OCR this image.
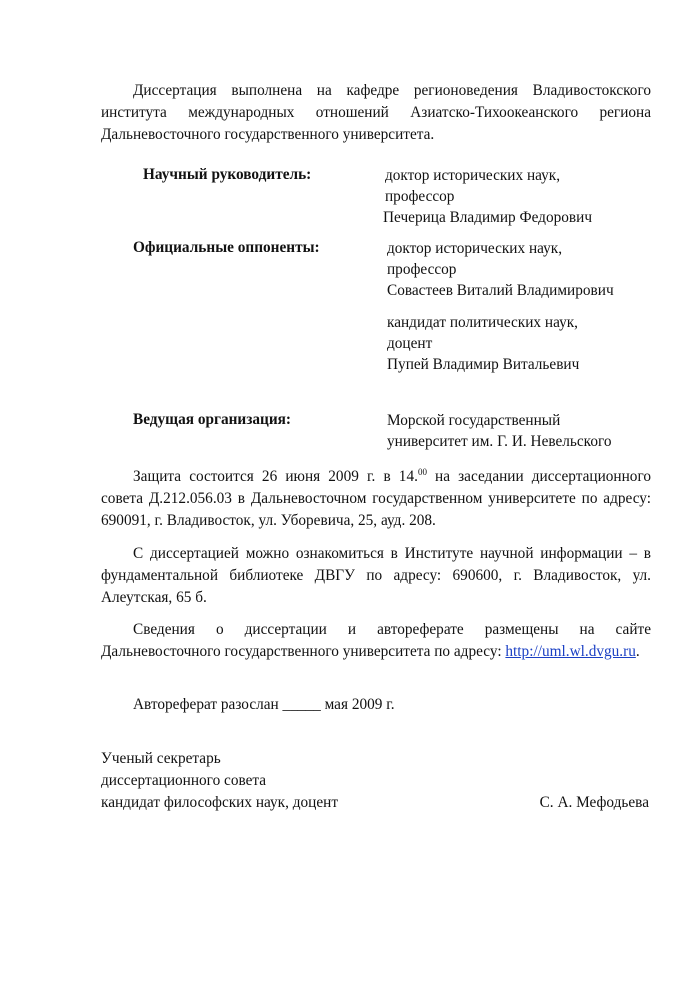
Диссертация выполнена на кафедре регионоведения Владивостокского института международных отношений Азиатско-Тихоокеанского региона Дальневосточного государственного университета.

Научный руководитель:	доктор исторических наук,
профессор
Печерица Владимир Федорович
Официальные оппоненты:	доктор исторических наук,
профессор
Совастеев Виталий Владимирович
кандидат политических наук,
доцент
Пупей Владимир Витальевич
Ведущая организация:	Морской государственный
университет им. Г. И. Невельского

Защита состоится 26 июня 2009 г. в 14.00 на заседании диссертационного совета Д.212.056.03 в Дальневосточном государственном университете по адресу: 690091, г. Владивосток, ул. Уборевича, 25, ауд. 208.

С диссертацией можно ознакомиться в Институте научной информации – в фундаментальной библиотеке ДВГУ по адресу: 690600, г. Владивосток, ул. Алеутская, 65 б.

Сведения о диссертации и автореферате размещены на сайте Дальневосточного государственного университета по адресу: http://uml.wl.dvgu.ru.

Автореферат разослан _____ мая 2009 г.

Ученый секретарь
диссертационного совета
кандидат философских наук, доцент	С. А. Мефодьева
